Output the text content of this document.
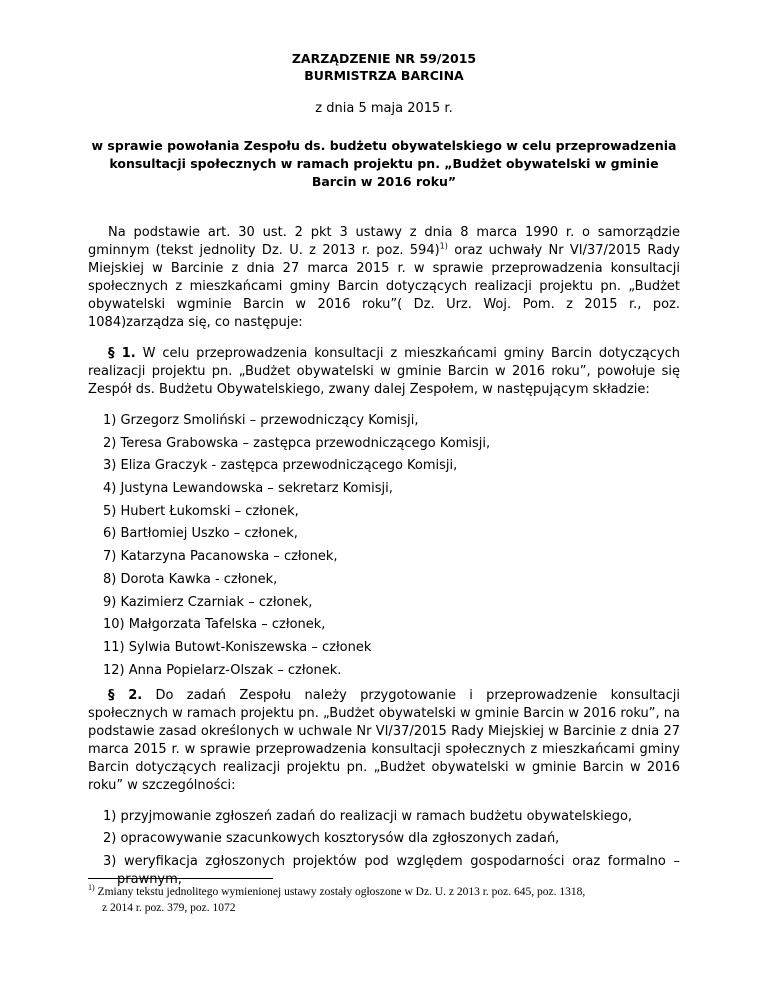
ZARZĄDZENIE NR 59/2015
BURMISTRZA BARCINA
z dnia 5 maja 2015 r.
w sprawie powołania Zespołu ds. budżetu obywatelskiego w celu przeprowadzenia konsultacji społecznych w ramach projektu pn. „Budżet obywatelski w gminie Barcin w 2016 roku”

Na podstawie art. 30 ust. 2 pkt 3 ustawy z dnia 8 marca 1990 r. o samorządzie gminnym (tekst jednolity Dz. U. z 2013 r. poz. 594)$^{1)}$ oraz uchwały Nr VI/37/2015 Rady Miejskiej w Barcinie z dnia 27 marca 2015 r. w sprawie przeprowadzenia konsultacji społecznych z mieszkańcami gminy Barcin dotyczących realizacji projektu pn. „Budżet obywatelski wgminie Barcin w 2016 roku”( Dz. Urz. Woj. Pom. z 2015 r., poz. 1084)zarządza się, co następuje:

§ 1. W celu przeprowadzenia konsultacji z mieszkańcami gminy Barcin dotyczących realizacji projektu pn. „Budżet obywatelski w gminie Barcin w 2016 roku”, powołuje się Zespół ds. Budżetu Obywatelskiego, zwany dalej Zespołem, w następującym składzie:

1) Grzegorz Smoliński – przewodniczący Komisji,
2) Teresa Grabowska – zastępca przewodniczącego Komisji,
3) Eliza Graczyk - zastępca przewodniczącego Komisji,
4) Justyna Lewandowska – sekretarz Komisji,
5) Hubert Łukomski – członek,
6) Bartłomiej Uszko – członek,
7) Katarzyna Pacanowska – członek,
8) Dorota Kawka - członek,
9) Kazimierz Czarniak – członek,
10) Małgorzata Tafelska – członek,
11) Sylwia Butowt-Koniszewska – członek
12) Anna Popielarz-Olszak – członek.

§ 2. Do zadań Zespołu należy przygotowanie i przeprowadzenie konsultacji społecznych w ramach projektu pn. „Budżet obywatelski w gminie Barcin w 2016 roku”, na podstawie zasad określonych w uchwale Nr VI/37/2015 Rady Miejskiej w Barcinie z dnia 27 marca 2015 r. w sprawie przeprowadzenia konsultacji społecznych z mieszkańcami gminy Barcin dotyczących realizacji projektu pn. „Budżet obywatelski w gminie Barcin w 2016 roku” w szczególności:

1) przyjmowanie zgłoszeń zadań do realizacji w ramach budżetu obywatelskiego,
2) opracowywanie szacunkowych kosztorysów dla zgłoszonych zadań,
3) weryfikacja zgłoszonych projektów pod względem gospodarności oraz formalno –prawnym,
$^{1)}$ Zmiany tekstu jednolitego wymienionej ustawy zostały ogłoszone w Dz. U. z 2013 r. poz. 645, poz. 1318,
z 2014 r. poz. 379, poz. 1072
